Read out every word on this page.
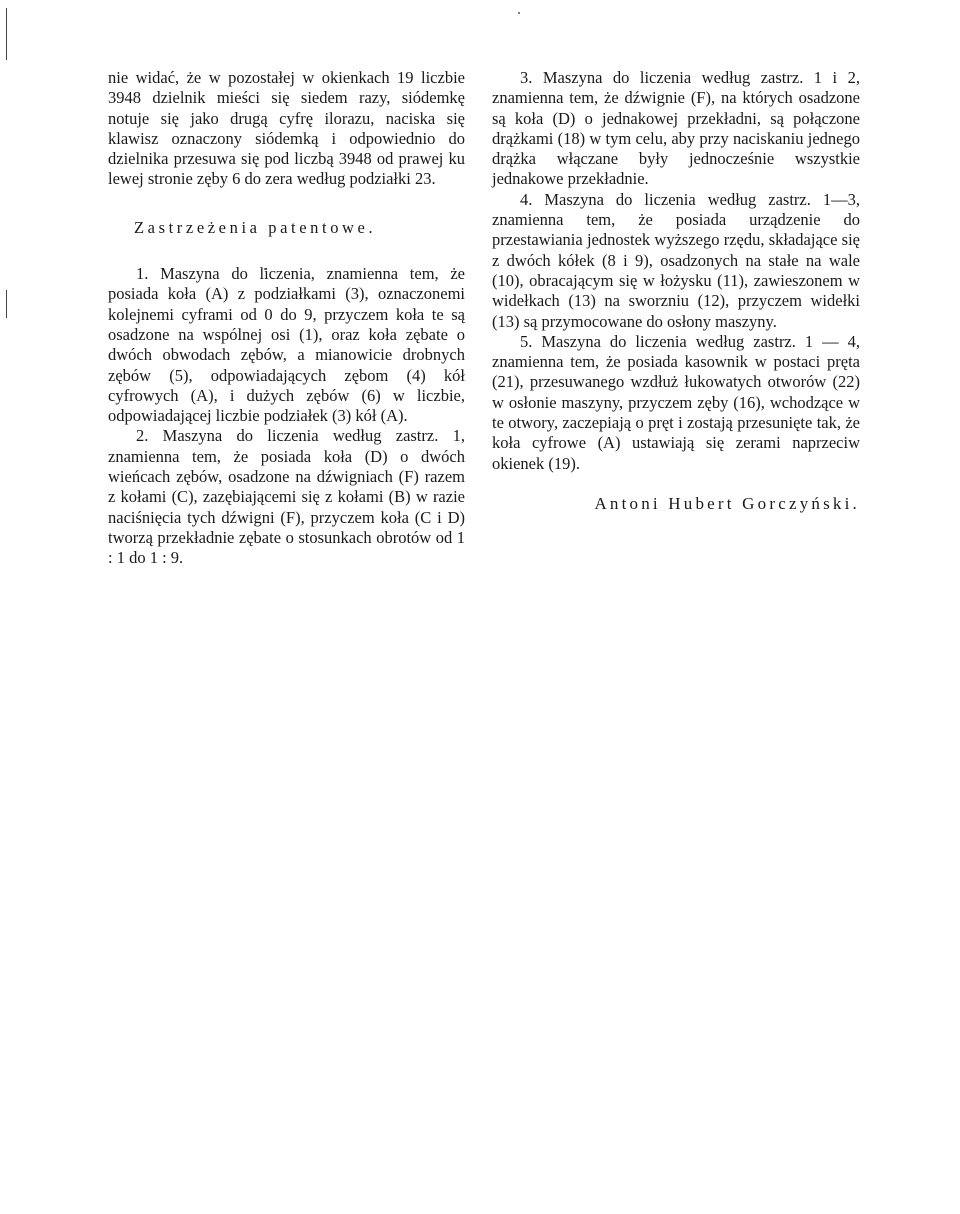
nie widać, że w pozostałej w okienkach 19 liczbie 3948 dzielnik mieści się siedem razy, siódemkę notuje się jako drugą cyfrę ilorazu, naciska się klawisz oznaczony siódemką i odpowiednio do dzielnika przesuwa się pod liczbą 3948 od prawej ku lewej stronie zęby 6 do zera według podziałki 23.

Zastrzeżenia patentowe.

1. Maszyna do liczenia, znamienna tem, że posiada koła (A) z podziałkami (3), oznaczonemi kolejnemi cyframi od 0 do 9, przyczem koła te są osadzone na wspólnej osi (1), oraz koła zębate o dwóch obwodach zębów, a mianowicie drobnych zębów (5), odpowiadających zębom (4) kół cyfrowych (A), i dużych zębów (6) w liczbie, odpowiadającej liczbie podziałek (3) kół (A).

2. Maszyna do liczenia według zastrz. 1, znamienna tem, że posiada koła (D) o dwóch wieńcach zębów, osadzone na dźwigniach (F) razem z kołami (C), zazębiającemi się z kołami (B) w razie naciśnięcia tych dźwigni (F), przyczem koła (C i D) tworzą przekładnie zębate o stosunkach obrotów od 1 : 1 do 1 : 9.

3. Maszyna do liczenia według zastrz. 1 i 2, znamienna tem, że dźwignie (F), na których osadzone są koła (D) o jednakowej przekładni, są połączone drążkami (18) w tym celu, aby przy naciskaniu jednego drążka włączane były jednocześnie wszystkie jednakowe przekładnie.

4. Maszyna do liczenia według zastrz. 1—3, znamienna tem, że posiada urządzenie do przestawiania jednostek wyższego rzędu, składające się z dwóch kółek (8 i 9), osadzonych na stałe na wale (10), obracającym się w łożysku (11), zawieszonem w widełkach (13) na sworzniu (12), przyczem widełki (13) są przymocowane do osłony maszyny.

5. Maszyna do liczenia według zastrz. 1 — 4, znamienna tem, że posiada kasownik w postaci pręta (21), przesuwanego wzdłuż łukowatych otworów (22) w osłonie maszyny, przyczem zęby (16), wchodzące w te otwory, zaczepiają o pręt i zostają przesunięte tak, że koła cyfrowe (A) ustawiają się zerami naprzeciw okienek (19).

Antoni Hubert Gorczyński.
